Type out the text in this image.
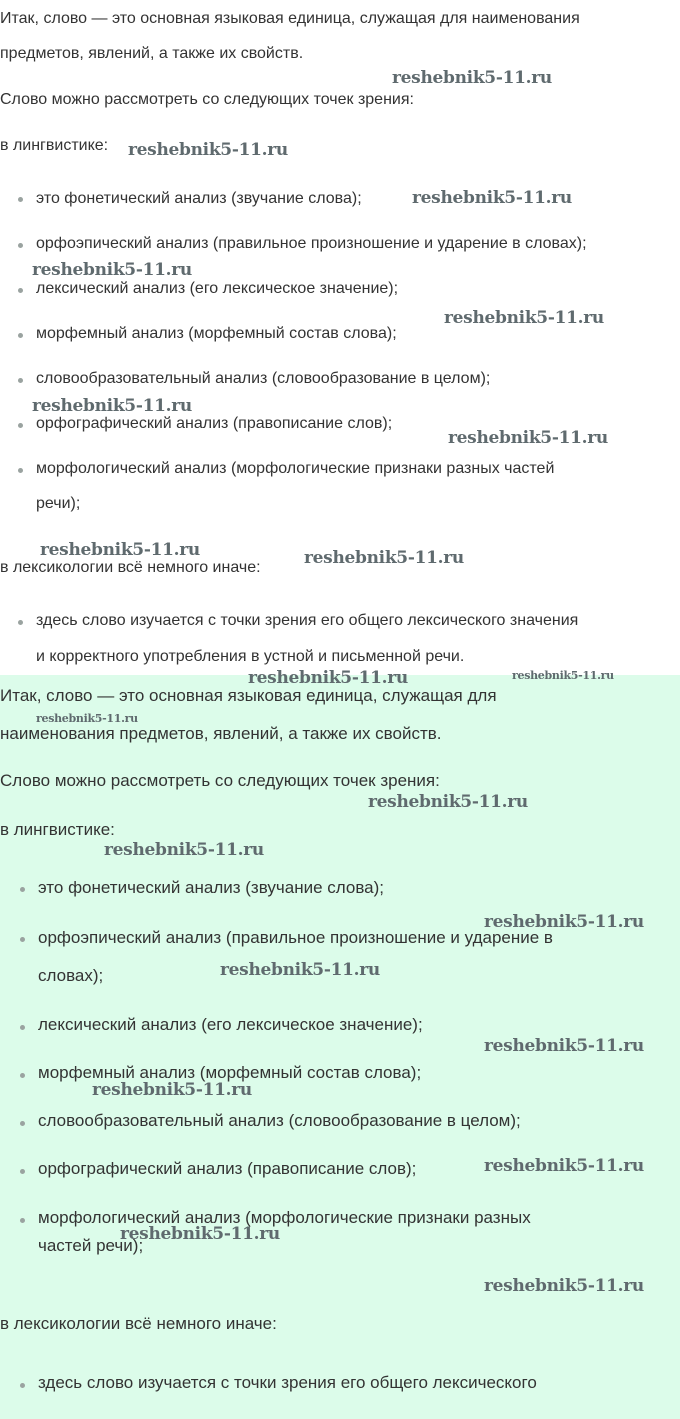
Итак, слово — это основная языковая единица, служащая для наименования
предметов, явлений, а также их свойств.
Слово можно рассмотреть со следующих точек зрения:
в лингвистике:
это фонетический анализ (звучание слова);
орфоэпический анализ (правильное произношение и ударение в словах);
лексический анализ (его лексическое значение);
морфемный анализ (морфемный состав слова);
словообразовательный анализ (словообразование в целом);
орфографический анализ (правописание слов);
морфологический анализ (морфологические признаки разных частей
речи);
в лексикологии всё немного иначе:
здесь слово изучается с точки зрения его общего лексического значения
и корректного употребления в устной и письменной речи.
Итак, слово — это основная языковая единица, служащая для
наименования предметов, явлений, а также их свойств.
Слово можно рассмотреть со следующих точек зрения:
в лингвистике:
это фонетический анализ (звучание слова);
орфоэпический анализ (правильное произношение и ударение в
словах);
лексический анализ (его лексическое значение);
морфемный анализ (морфемный состав слова);
словообразовательный анализ (словообразование в целом);
орфографический анализ (правописание слов);
морфологический анализ (морфологические признаки разных
частей речи);
в лексикологии всё немного иначе:
здесь слово изучается с точки зрения его общего лексического
reshebnik5-11.ru
reshebnik5-11.ru
reshebnik5-11.ru
reshebnik5-11.ru
reshebnik5-11.ru
reshebnik5-11.ru
reshebnik5-11.ru
reshebnik5-11.ru	reshebnik5-11.ru
reshebnik5-11.ru	reshebnik5-11.ru
reshebnik5-11.ru
reshebnik5-11.ru
reshebnik5-11.ru
reshebnik5-11.ru
reshebnik5-11.ru
reshebnik5-11.ru
reshebnik5-11.ru
reshebnik5-11.ru
reshebnik5-11.ru
reshebnik5-11.ru
